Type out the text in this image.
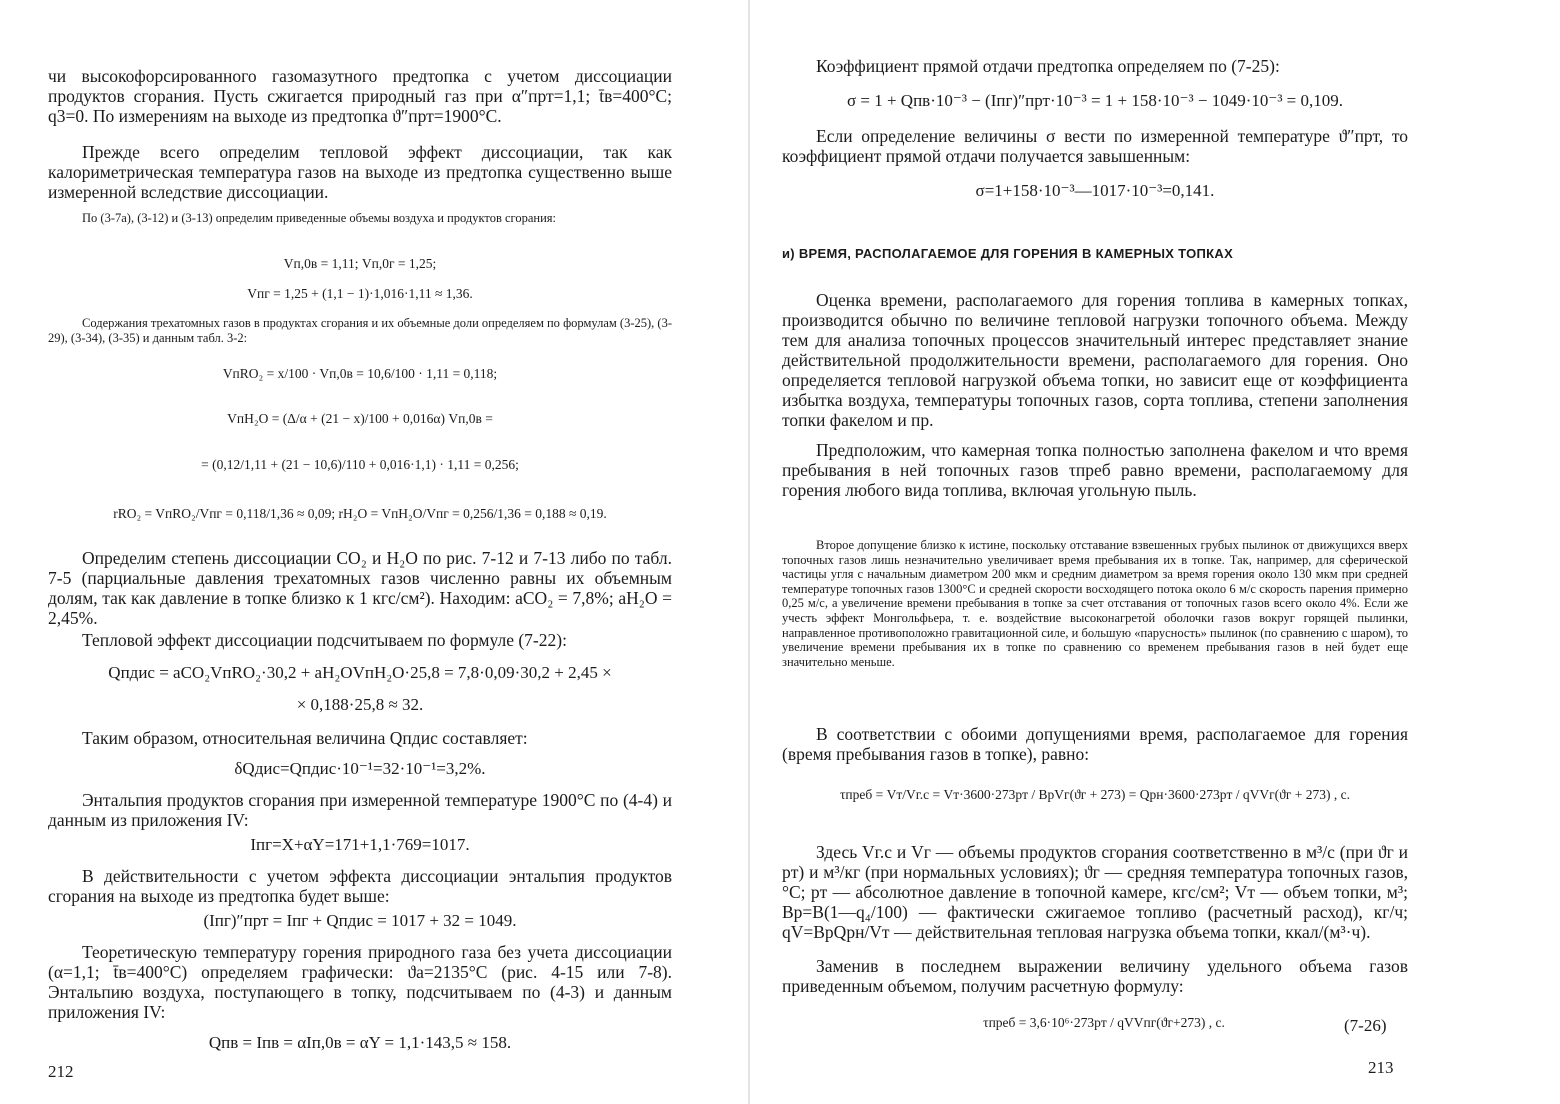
чи высокофорсированного газомазутного предтопка с учетом диссоциации продуктов сгорания. Пусть сжигается природный газ при α″прт=1,1; t̄в=400°С; q3=0. По измерениям на выходе из предтопка ϑ″прт=1900°С.

Прежде всего определим тепловой эффект диссоциации, так как калориметрическая температура газов на выходе из предтопка существенно выше измеренной вследствие диссоциации.

По (3-7а), (3-12) и (3-13) определим приведенные объемы воздуха и продуктов сгорания:

Vп,0в = 1,11; Vп,0г = 1,25;
Vпг = 1,25 + (1,1 − 1)·1,016·1,11 ≈ 1,36.

Содержания трехатомных газов в продуктах сгорания и их объемные доли определяем по формулам (3-25), (3-29), (3-34), (3-35) и данным табл. 3-2:

VпRO₂ = x/100 · Vп,0в = 10,6/100 · 1,11 = 0,118;
VпH₂O = (Δ/α + (21 − x)/100 + 0,016α) Vп,0в =
= (0,12/1,11 + (21 − 10,6)/110 + 0,016·1,1) · 1,11 = 0,256;
rRO₂ = VпRO₂/Vпг = 0,118/1,36 ≈ 0,09; rH₂O = VпH₂O/Vпг = 0,256/1,36 = 0,188 ≈ 0,19.

Определим степень диссоциации CO₂ и H₂O по рис. 7-12 и 7-13 либо по табл. 7-5 (парциальные давления трехатомных газов численно равны их объемным долям, так как давление в топке близко к 1 кгс/см²). Находим: aCO₂ = 7,8%; aH₂O = 2,45%.

Тепловой эффект диссоциации подсчитываем по формуле (7-22):

Qпдис = aCO₂VпRO₂·30,2 + aH₂OVпH₂O·25,8 = 7,8·0,09·30,2 + 2,45 ×
× 0,188·25,8 ≈ 32.

Таким образом, относительная величина Qпдис составляет:

δQдис=Qпдис·10⁻¹=32·10⁻¹=3,2%.

Энтальпия продуктов сгорания при измеренной температуре 1900°С по (4-4) и данным из приложения IV:

Iпг=X+αY=171+1,1·769=1017.

В действительности с учетом эффекта диссоциации энтальпия продуктов сгорания на выходе из предтопка будет выше:

(Iпг)″прт = Iпг + Qпдис = 1017 + 32 = 1049.

Теоретическую температуру горения природного газа без учета диссоциации (α=1,1; t̄в=400°С) определяем графически: ϑа=2135°С (рис. 4-15 или 7-8). Энтальпию воздуха, поступающего в топку, подсчитываем по (4-3) и данным приложения IV:

Qпв = Iпв = αIп,0в = αY = 1,1·143,5 ≈ 158.
212

Коэффициент прямой отдачи предтопка определяем по (7-25):

σ = 1 + Qпв·10⁻³ − (Iпг)″прт·10⁻³ = 1 + 158·10⁻³ − 1049·10⁻³ = 0,109.

Если определение величины σ вести по измеренной температуре ϑ″прт, то коэффициент прямой отдачи получается завышенным:

σ=1+158·10⁻³—1017·10⁻³=0,141.
и) ВРЕМЯ, РАСПОЛАГАЕМОЕ ДЛЯ ГОРЕНИЯ В КАМЕРНЫХ ТОПКАХ

Оценка времени, располагаемого для горения топлива в камерных топках, производится обычно по величине тепловой нагрузки топочного объема. Между тем для анализа топочных процессов значительный интерес представляет знание действительной продолжительности времени, располагаемого для горения. Оно определяется тепловой нагрузкой объема топки, но зависит еще от коэффициента избытка воздуха, температуры топочных газов, сорта топлива, степени заполнения топки факелом и пр.

Предположим, что камерная топка полностью заполнена факелом и что время пребывания в ней топочных газов τпреб равно времени, располагаемому для горения любого вида топлива, включая угольную пыль.

Второе допущение близко к истине, поскольку отставание взвешенных грубых пылинок от движущихся вверх топочных газов лишь незначительно увеличивает время пребывания их в топке. Так, например, для сферической частицы угля с начальным диаметром 200 мкм и средним диаметром за время горения около 130 мкм при средней температуре топочных газов 1300°С и средней скорости восходящего потока около 6 м/с скорость парения примерно 0,25 м/с, а увеличение времени пребывания в топке за счет отставания от топочных газов всего около 4%. Если же учесть эффект Монгольфьера, т. е. воздействие высоконагретой оболочки газов вокруг горящей пылинки, направленное противоположно гравитационной силе, и большую «парусность» пылинок (по сравнению с шаром), то увеличение времени пребывания их в топке по сравнению со временем пребывания газов в ней будет еще значительно меньше.

В соответствии с обоими допущениями время, располагаемое для горения (время пребывания газов в топке), равно:

τпреб = Vт/Vг.с = Vт·3600·273pт / BрVг(ϑг + 273) = Qpн·3600·273pт / qVVг(ϑг + 273) , с.

Здесь Vг.с и Vг — объемы продуктов сгорания соответственно в м³/с (при ϑг и pт) и м³/кг (при нормальных условиях); ϑг — средняя температура топочных газов, °С; pт — абсолютное давление в топочной камере, кгс/см²; Vт — объем топки, м³; Bр=B(1—q₄/100) — фактически сжигаемое топливо (расчетный расход), кг/ч; qV=BрQpн/Vт — действительная тепловая нагрузка объема топки, ккал/(м³·ч).

Заменив в последнем выражении величину удельного объема газов приведенным объемом, получим расчетную формулу:

τпреб = 3,6·10⁶·273pт / qVVпг(ϑг+273) , с.	(7-26)
213
